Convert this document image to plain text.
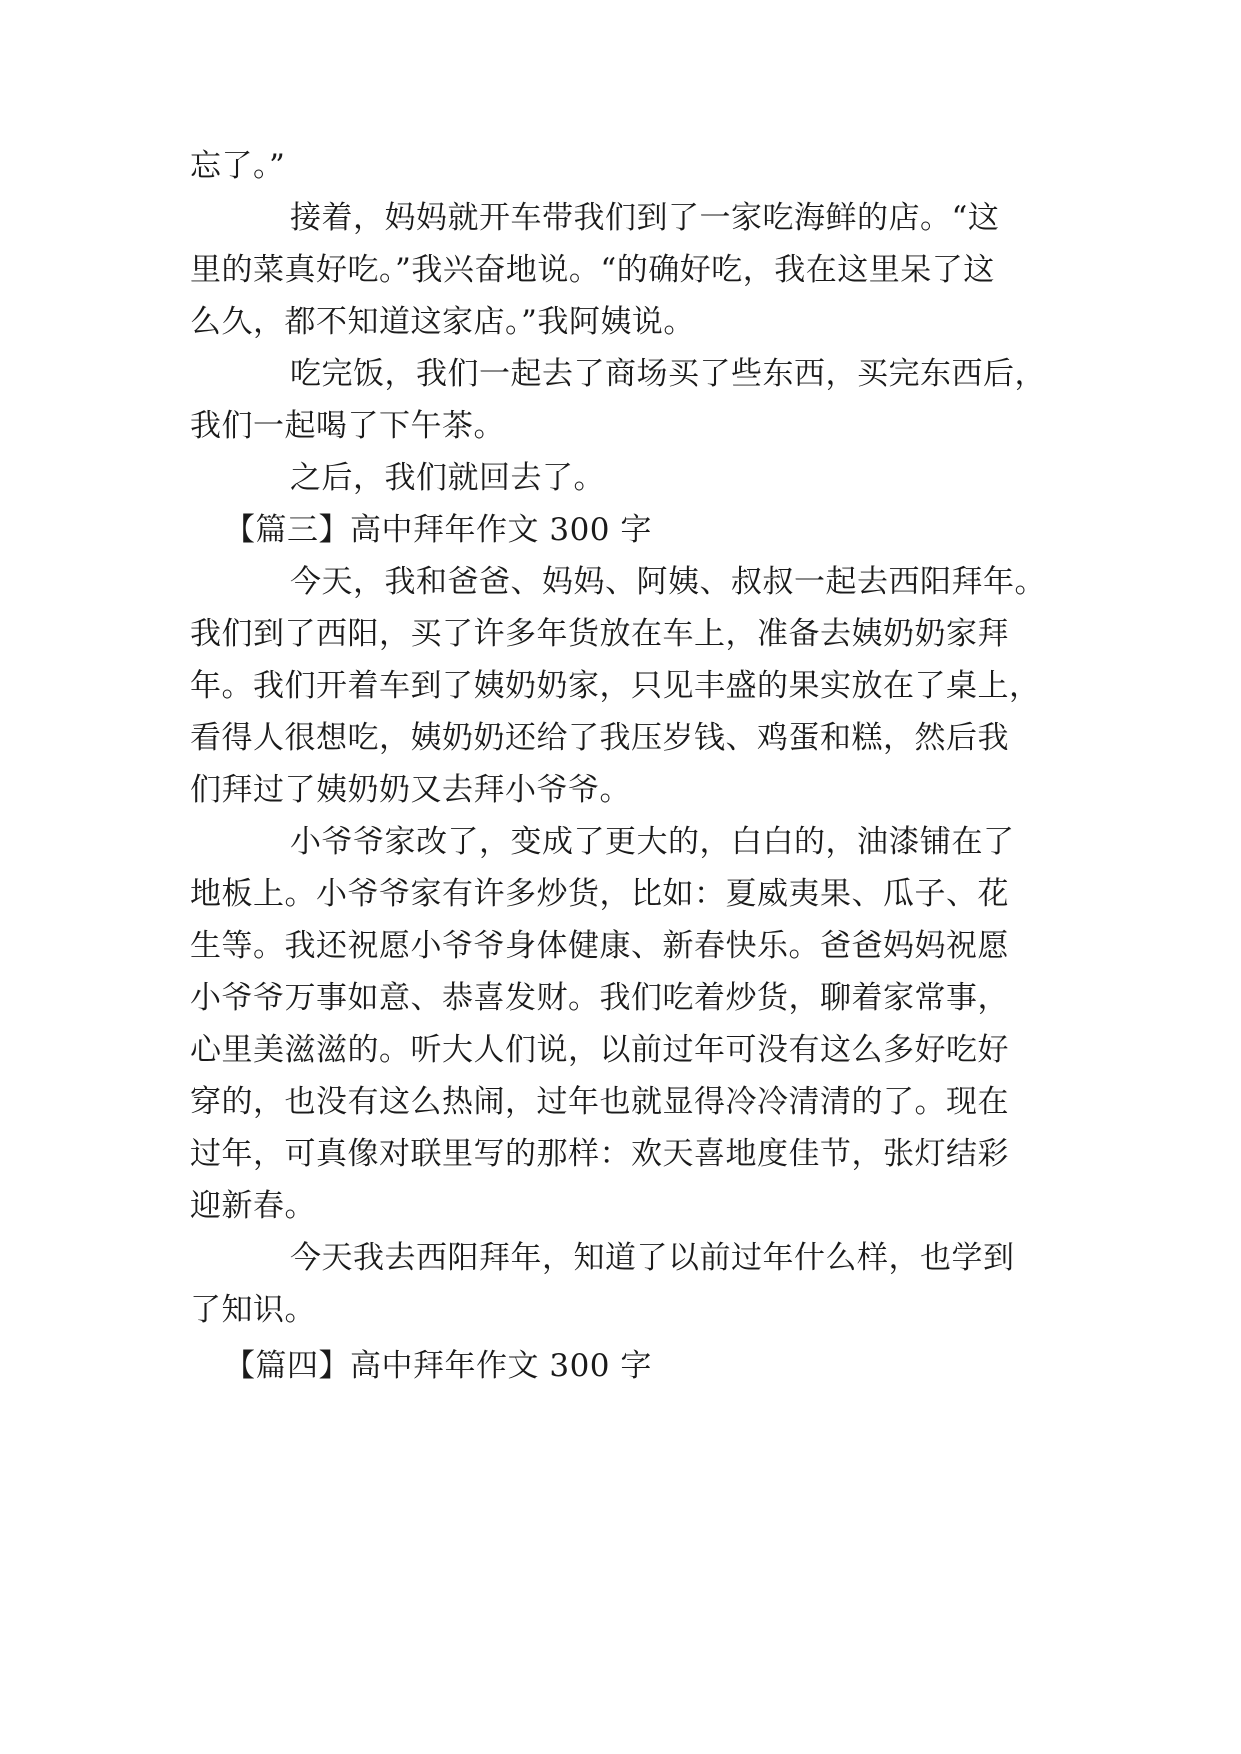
忘了。”
接着，妈妈就开车带我们到了一家吃海鲜的店。“这
里的菜真好吃。”我兴奋地说。“的确好吃，我在这里呆了这
么久，都不知道这家店。”我阿姨说。
吃完饭，我们一起去了商场买了些东西，买完东西后，
我们一起喝了下午茶。
之后，我们就回去了。
【篇三】高中拜年作文 300 字
今天，我和爸爸、妈妈、阿姨、叔叔一起去西阳拜年。
我们到了西阳，买了许多年货放在车上，准备去姨奶奶家拜
年。我们开着车到了姨奶奶家，只见丰盛的果实放在了桌上，
看得人很想吃，姨奶奶还给了我压岁钱、鸡蛋和糕，然后我
们拜过了姨奶奶又去拜小爷爷。
小爷爷家改了，变成了更大的，白白的，油漆铺在了
地板上。小爷爷家有许多炒货，比如：夏威夷果、瓜子、花
生等。我还祝愿小爷爷身体健康、新春快乐。爸爸妈妈祝愿
小爷爷万事如意、恭喜发财。我们吃着炒货，聊着家常事，
心里美滋滋的。听大人们说，以前过年可没有这么多好吃好
穿的，也没有这么热闹，过年也就显得冷冷清清的了。现在
过年，可真像对联里写的那样：欢天喜地度佳节，张灯结彩
迎新春。
今天我去西阳拜年，知道了以前过年什么样，也学到
了知识。
【篇四】高中拜年作文 300 字
